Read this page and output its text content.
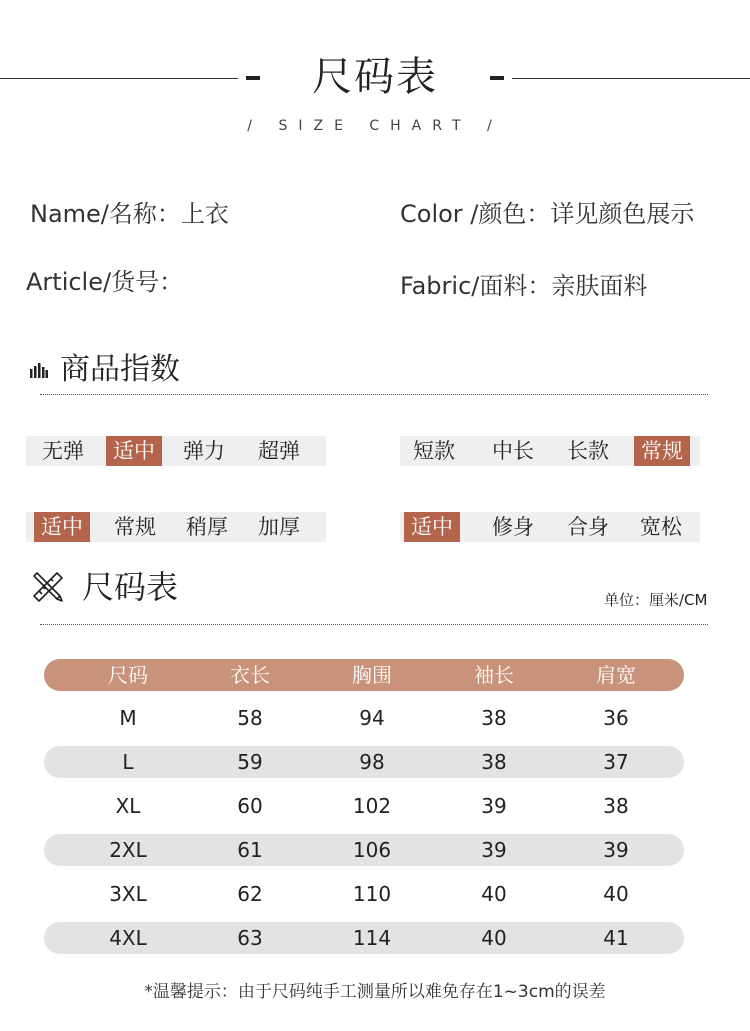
尺码表
/ SIZE CHART /
Name/名称：上衣	Color /颜色：详见颜色展示
Article/货号：	Fabric/面料：亲肤面料
商品指数
无弹	适中	弹力	超弹	短款	中长	长款	常规
适中	常规	稍厚	加厚	适中	修身	合身	宽松
尺码表	单位：厘米/CM
尺码	衣长	胸围	袖长	肩宽
M	58	94	38	36
L	59	98	38	37
XL	60	102	39	38
2XL	61	106	39	39
3XL	62	110	40	40
4XL	63	114	40	41
*温馨提示：由于尺码纯手工测量所以难免存在1~3cm的误差
